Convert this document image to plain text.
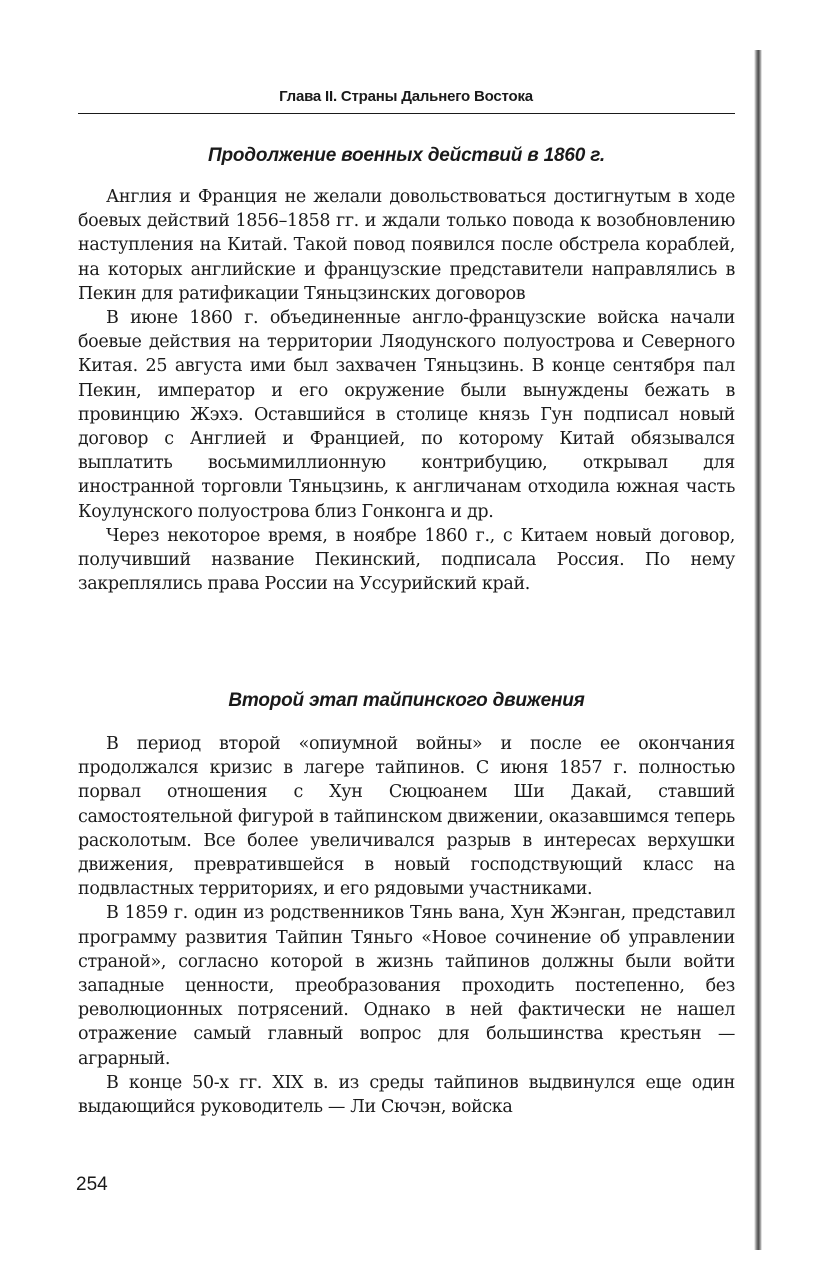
Глава II. Страны Дальнего Востока
Продолжение военных действий в 1860 г.

Англия и Франция не желали довольствоваться достигнутым в ходе боевых действий 1856–1858 гг. и ждали только повода к возобновлению наступления на Китай. Такой повод появился после обстрела кораблей, на которых английские и французские представители направлялись в Пекин для ратификации Тяньцзинских договоров

В июне 1860 г. объединенные англо-французские войска начали боевые действия на территории Ляодунского полуострова и Северного Китая. 25 августа ими был захвачен Тяньцзинь. В конце сентября пал Пекин, император и его окружение были вынуждены бежать в провинцию Жэхэ. Оставшийся в столице князь Гун подписал новый договор с Англией и Францией, по которому Китай обязывался выплатить восьмимиллионную контрибуцию, открывал для иностранной торговли Тяньцзинь, к англичанам отходила южная часть Коулунского полуострова близ Гонконга и др.

Через некоторое время, в ноябре 1860 г., с Китаем новый договор, получивший название Пекинский, подписала Россия. По нему закреплялись права России на Уссурийский край.

Второй этап тайпинского движения

В период второй «опиумной войны» и после ее окончания продолжался кризис в лагере тайпинов. С июня 1857 г. полностью порвал отношения с Хун Сюцюанем Ши Дакай, ставший самостоятельной фигурой в тайпинском движении, оказавшимся теперь расколотым. Все более увеличивался разрыв в интересах верхушки движения, превратившейся в новый господствующий класс на подвластных территориях, и его рядовыми участниками.

В 1859 г. один из родственников Тянь вана, Хун Жэнган, представил программу развития Тайпин Тяньго «Новое сочинение об управлении страной», согласно которой в жизнь тайпинов должны были войти западные ценности, преобразования проходить постепенно, без революционных потрясений. Однако в ней фактически не нашел отражение самый главный вопрос для большинства крестьян — аграрный.

В конце 50-х гг. XIX в. из среды тайпинов выдвинулся еще один выдающийся руководитель — Ли Сючэн, войска

254
